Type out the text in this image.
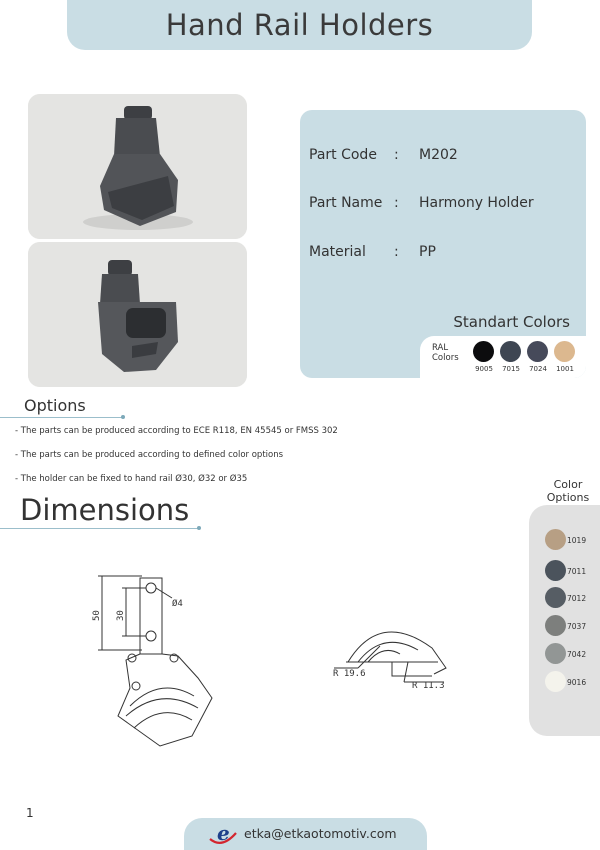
Hand Rail Holders
Part Code : M202
Part Name : Harmony Holder
Material : PP
Standart Colors
RAL
Colors
9005	7015	7024	1001
Options
- The parts can be produced according to ECE R118, EN 45545 or FMSS 302
- The parts can be produced according to defined color options
- The holder can be fixed to hand rail Ø30, Ø32 or Ø35
Dimensions
50 30
Ø4
R 19.6
R 11.3
Color
Options
1019
7011
7012
7037
7042
9016
1
e etka@etkaotomotiv.com
